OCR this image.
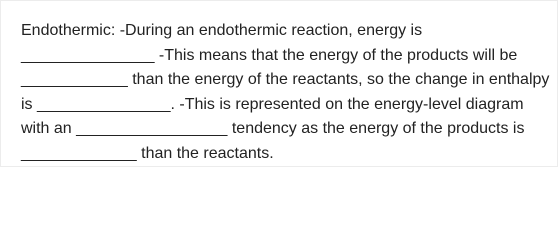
Endothermic: -During an endothermic reaction, energy is _______________ -This means that the energy of the products will be ____________ than the energy of the reactants, so the change in enthalpy is _______________. -This is represented on the energy-level diagram with an _________________ tendency as the energy of the products is _____________ than the reactants.
